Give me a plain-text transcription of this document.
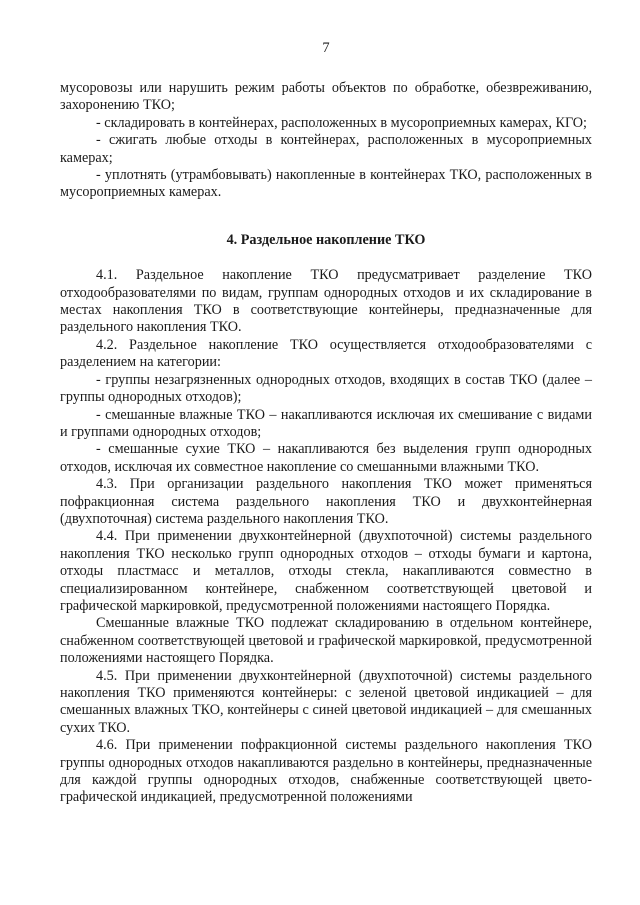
7

мусоровозы или нарушить режим работы объектов по обработке, обезвреживанию, захоронению ТКО;

- складировать в контейнерах, расположенных в мусороприемных камерах, КГО;

- сжигать любые отходы в контейнерах, расположенных в мусороприемных камерах;

- уплотнять (утрамбовывать) накопленные в контейнерах ТКО, расположенных в мусороприемных камерах.

4. Раздельное накопление ТКО

4.1. Раздельное накопление ТКО предусматривает разделение ТКО отходообразователями по видам, группам однородных отходов и их складирование в местах накопления ТКО в соответствующие контейнеры, предназначенные для раздельного накопления ТКО.

4.2. Раздельное накопление ТКО осуществляется отходообразователями с разделением на категории:

- группы незагрязненных однородных отходов, входящих в состав ТКО (далее – группы однородных отходов);

- смешанные влажные ТКО – накапливаются исключая их смешивание с видами и группами однородных отходов;

- смешанные сухие ТКО – накапливаются без выделения групп однородных отходов, исключая их совместное накопление со смешанными влажными ТКО.

4.3. При организации раздельного накопления ТКО может применяться пофракционная система раздельного накопления ТКО и двухконтейнерная (двухпоточная) система раздельного накопления ТКО.

4.4. При применении двухконтейнерной (двухпоточной) системы раздельного накопления ТКО несколько групп однородных отходов – отходы бумаги и картона, отходы пластмасс и металлов, отходы стекла, накапливаются совместно в специализированном контейнере, снабженном соответствующей цветовой и графической маркировкой, предусмотренной положениями настоящего Порядка.

Смешанные влажные ТКО подлежат складированию в отдельном контейнере, снабженном соответствующей цветовой и графической маркировкой, предусмотренной положениями настоящего Порядка.

4.5. При применении двухконтейнерной (двухпоточной) системы раздельного накопления ТКО применяются контейнеры: с зеленой цветовой индикацией – для смешанных влажных ТКО, контейнеры с синей цветовой индикацией – для смешанных сухих ТКО.

4.6. При применении пофракционной системы раздельного накопления ТКО группы однородных отходов накапливаются раздельно в контейнеры, предназначенные для каждой группы однородных отходов, снабженные соответствующей цвето-графической индикацией, предусмотренной положениями
